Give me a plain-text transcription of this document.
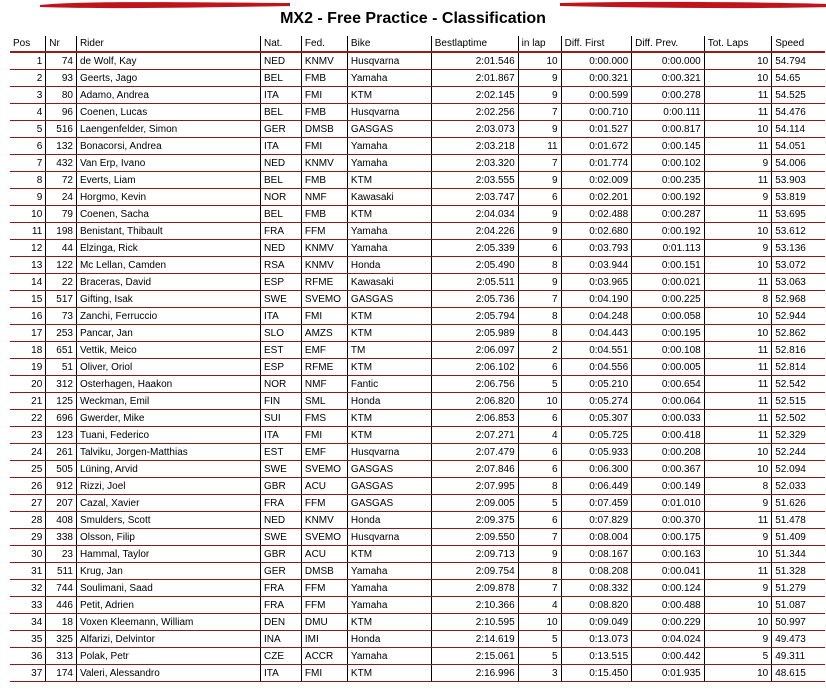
MX2 - Free Practice - Classification
Pos	Nr	Rider	Nat.	Fed.	Bike	Bestlaptime	in lap	Diff. First	Diff. Prev.	Tot. Laps	Speed
1	74	de Wolf, Kay	NED	KNMV	Husqvarna	2:01.546	10	0:00.000	0:00.000	10	54.794
2	93	Geerts, Jago	BEL	FMB	Yamaha	2:01.867	9	0:00.321	0:00.321	10	54.65
3	80	Adamo, Andrea	ITA	FMI	KTM	2:02.145	9	0:00.599	0:00.278	11	54.525
4	96	Coenen, Lucas	BEL	FMB	Husqvarna	2:02.256	7	0:00.710	0:00.111	11	54.476
5	516	Laengenfelder, Simon	GER	DMSB	GASGAS	2:03.073	9	0:01.527	0:00.817	10	54.114
6	132	Bonacorsi, Andrea	ITA	FMI	Yamaha	2:03.218	11	0:01.672	0:00.145	11	54.051
7	432	Van Erp, Ivano	NED	KNMV	Yamaha	2:03.320	7	0:01.774	0:00.102	9	54.006
8	72	Everts, Liam	BEL	FMB	KTM	2:03.555	9	0:02.009	0:00.235	11	53.903
9	24	Horgmo, Kevin	NOR	NMF	Kawasaki	2:03.747	6	0:02.201	0:00.192	9	53.819
10	79	Coenen, Sacha	BEL	FMB	KTM	2:04.034	9	0:02.488	0:00.287	11	53.695
11	198	Benistant, Thibault	FRA	FFM	Yamaha	2:04.226	9	0:02.680	0:00.192	10	53.612
12	44	Elzinga, Rick	NED	KNMV	Yamaha	2:05.339	6	0:03.793	0:01.113	9	53.136
13	122	Mc Lellan, Camden	RSA	KNMV	Honda	2:05.490	8	0:03.944	0:00.151	10	53.072
14	22	Braceras, David	ESP	RFME	Kawasaki	2:05.511	9	0:03.965	0:00.021	11	53.063
15	517	Gifting, Isak	SWE	SVEMO	GASGAS	2:05.736	7	0:04.190	0:00.225	8	52.968
16	73	Zanchi, Ferruccio	ITA	FMI	KTM	2:05.794	8	0:04.248	0:00.058	10	52.944
17	253	Pancar, Jan	SLO	AMZS	KTM	2:05.989	8	0:04.443	0:00.195	10	52.862
18	651	Vettik, Meico	EST	EMF	TM	2:06.097	2	0:04.551	0:00.108	11	52.816
19	51	Oliver, Oriol	ESP	RFME	KTM	2:06.102	6	0:04.556	0:00.005	11	52.814
20	312	Osterhagen, Haakon	NOR	NMF	Fantic	2:06.756	5	0:05.210	0:00.654	11	52.542
21	125	Weckman, Emil	FIN	SML	Honda	2:06.820	10	0:05.274	0:00.064	11	52.515
22	696	Gwerder, Mike	SUI	FMS	KTM	2:06.853	6	0:05.307	0:00.033	11	52.502
23	123	Tuani, Federico	ITA	FMI	KTM	2:07.271	4	0:05.725	0:00.418	11	52.329
24	261	Talviku, Jorgen-Matthias	EST	EMF	Husqvarna	2:07.479	6	0:05.933	0:00.208	10	52.244
25	505	Lüning, Arvid	SWE	SVEMO	GASGAS	2:07.846	6	0:06.300	0:00.367	10	52.094
26	912	Rizzi, Joel	GBR	ACU	GASGAS	2:07.995	8	0:06.449	0:00.149	8	52.033
27	207	Cazal, Xavier	FRA	FFM	GASGAS	2:09.005	5	0:07.459	0:01.010	9	51.626
28	408	Smulders, Scott	NED	KNMV	Honda	2:09.375	6	0:07.829	0:00.370	11	51.478
29	338	Olsson, Filip	SWE	SVEMO	Husqvarna	2:09.550	7	0:08.004	0:00.175	9	51.409
30	23	Hammal, Taylor	GBR	ACU	KTM	2:09.713	9	0:08.167	0:00.163	10	51.344
31	511	Krug, Jan	GER	DMSB	Yamaha	2:09.754	8	0:08.208	0:00.041	11	51.328
32	744	Soulimani, Saad	FRA	FFM	Yamaha	2:09.878	7	0:08.332	0:00.124	9	51.279
33	446	Petit, Adrien	FRA	FFM	Yamaha	2:10.366	4	0:08.820	0:00.488	10	51.087
34	18	Voxen Kleemann, William	DEN	DMU	KTM	2:10.595	10	0:09.049	0:00.229	10	50.997
35	325	Alfarizi, Delvintor	INA	IMI	Honda	2:14.619	5	0:13.073	0:04.024	9	49.473
36	313	Polak, Petr	CZE	ACCR	Yamaha	2:15.061	5	0:13.515	0:00.442	5	49.311
37	174	Valeri, Alessandro	ITA	FMI	KTM	2:16.996	3	0:15.450	0:01.935	10	48.615
